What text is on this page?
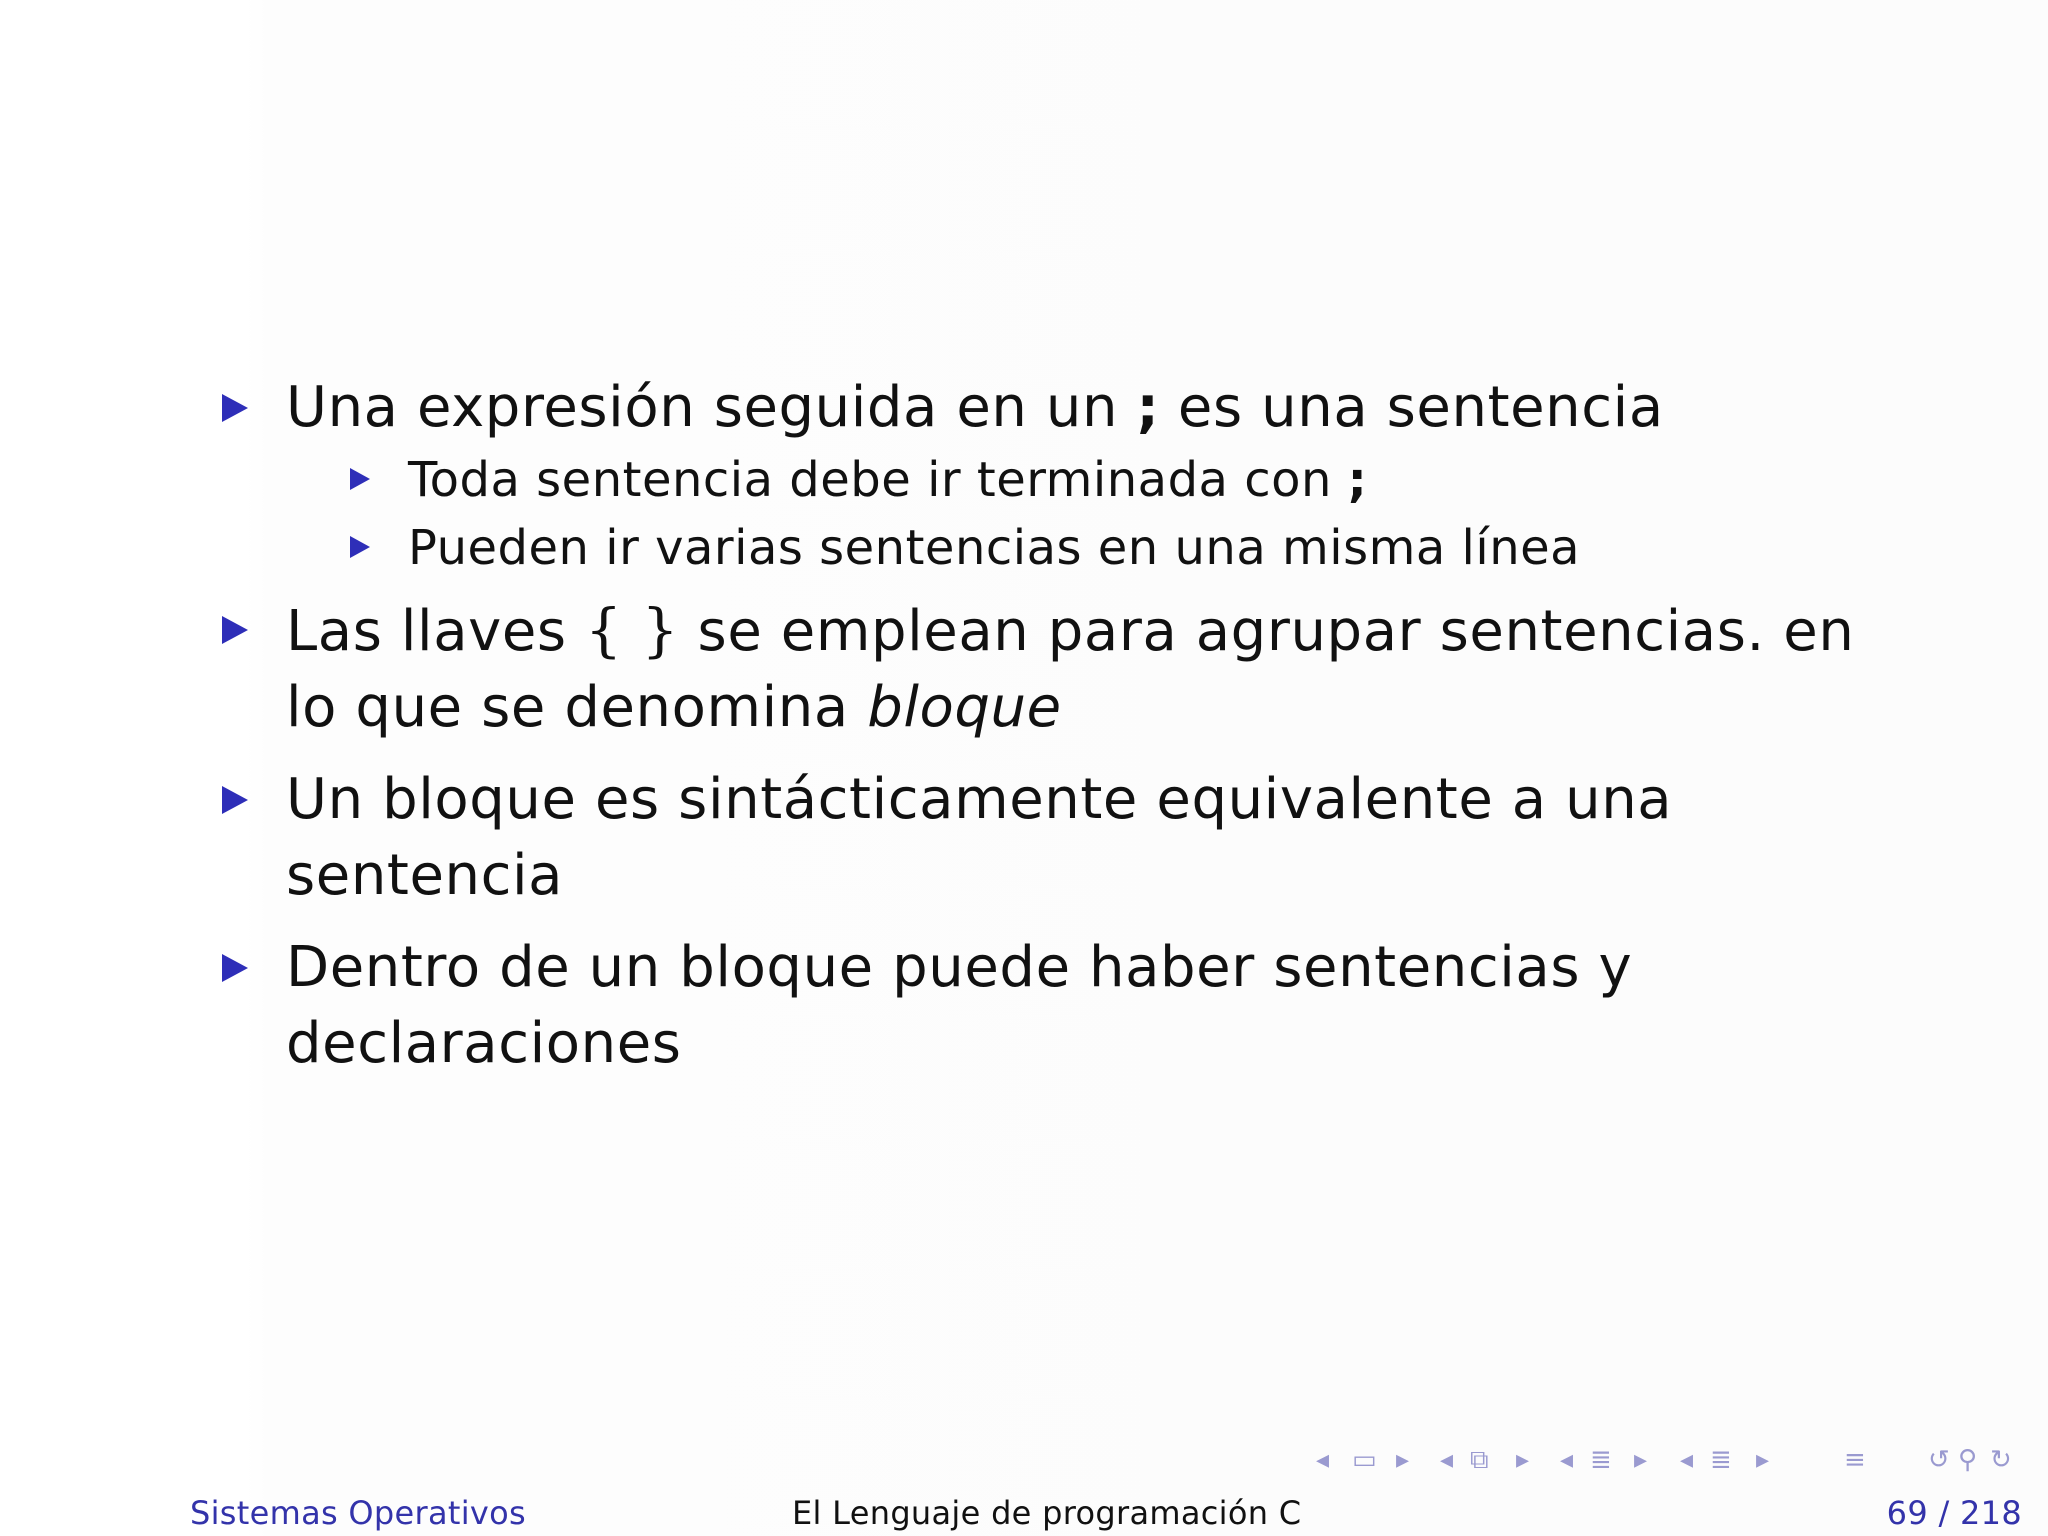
Una expresión seguida en un ; es una sentencia
Toda sentencia debe ir terminada con ;
Pueden ir varias sentencias en una misma línea
Las llaves { } se emplean para agrupar sentencias. en lo que se denomina bloque
Un bloque es sintácticamente equivalente a una sentencia
Dentro de un bloque puede haber sentencias y declaraciones
◂ ▭ ▸ ◂ ⧉ ▸ ◂ ≣ ▸ ◂ ≣ ▸	≡ ↺ ⚲ ↻
Sistemas Operativos	El Lenguaje de programación C	69 / 218
